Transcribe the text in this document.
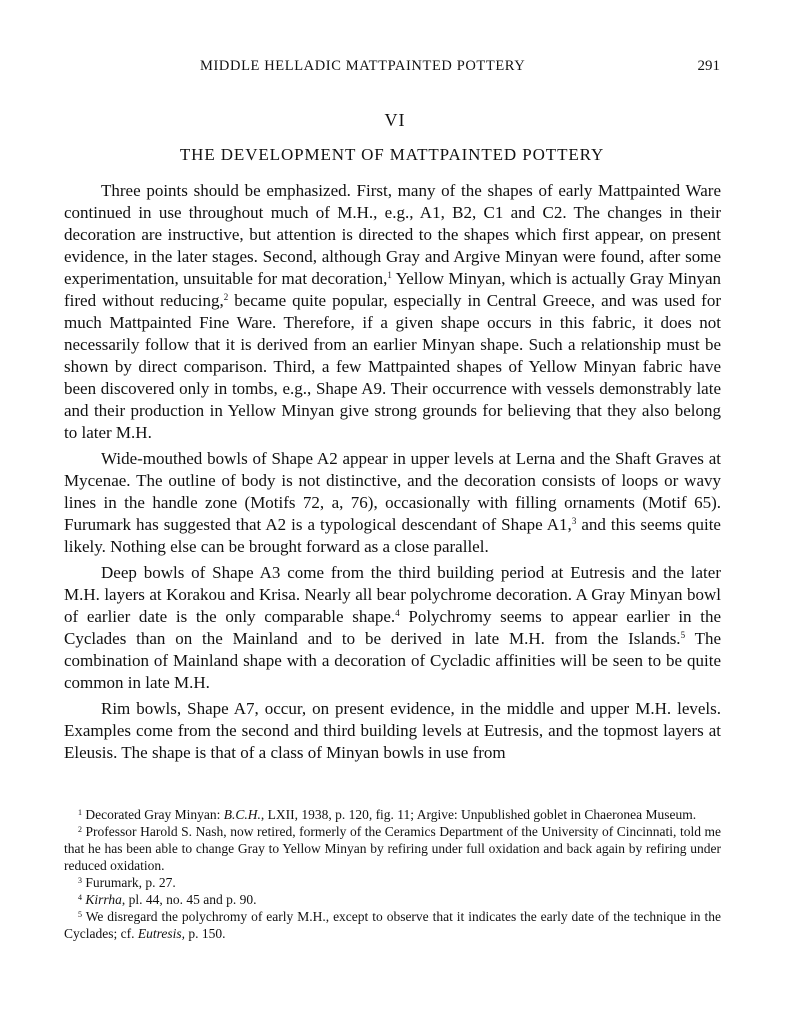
MIDDLE HELLADIC MATTPAINTED POTTERY	291
VI
THE DEVELOPMENT OF MATTPAINTED POTTERY

Three points should be emphasized. First, many of the shapes of early Mattpainted Ware continued in use throughout much of M.H., e.g., A1, B2, C1 and C2. The changes in their decoration are instructive, but attention is directed to the shapes which first appear, on present evidence, in the later stages. Second, although Gray and Argive Minyan were found, after some experimentation, unsuitable for mat decoration,$^1$ Yellow Minyan, which is actually Gray Minyan fired without reducing,$^2$ became quite popular, especially in Central Greece, and was used for much Mattpainted Fine Ware. Therefore, if a given shape occurs in this fabric, it does not necessarily follow that it is derived from an earlier Minyan shape. Such a relationship must be shown by direct comparison. Third, a few Mattpainted shapes of Yellow Minyan fabric have been discovered only in tombs, e.g., Shape A9. Their occurrence with vessels demonstrably late and their production in Yellow Minyan give strong grounds for believing that they also belong to later M.H.

Wide-mouthed bowls of Shape A2 appear in upper levels at Lerna and the Shaft Graves at Mycenae. The outline of body is not distinctive, and the decoration consists of loops or wavy lines in the handle zone (Motifs 72, a, 76), occasionally with filling ornaments (Motif 65). Furumark has suggested that A2 is a typological descendant of Shape A1,$^3$ and this seems quite likely. Nothing else can be brought forward as a close parallel.

Deep bowls of Shape A3 come from the third building period at Eutresis and the later M.H. layers at Korakou and Krisa. Nearly all bear polychrome decoration. A Gray Minyan bowl of earlier date is the only comparable shape.$^4$ Polychromy seems to appear earlier in the Cyclades than on the Mainland and to be derived in late M.H. from the Islands.$^5$ The combination of Mainland shape with a decoration of Cycladic affinities will be seen to be quite common in late M.H.

Rim bowls, Shape A7, occur, on present evidence, in the middle and upper M.H. levels. Examples come from the second and third building levels at Eutresis, and the topmost layers at Eleusis. The shape is that of a class of Minyan bowls in use from

$^1$ Decorated Gray Minyan: B.C.H., LXII, 1938, p. 120, fig. 11; Argive: Unpublished goblet in Chaeronea Museum.

$^2$ Professor Harold S. Nash, now retired, formerly of the Ceramics Department of the University of Cincinnati, told me that he has been able to change Gray to Yellow Minyan by refiring under full oxidation and back again by refiring under reduced oxidation.

$^3$ Furumark, p. 27.

$^4$ Kirrha, pl. 44, no. 45 and p. 90.

$^5$ We disregard the polychromy of early M.H., except to observe that it indicates the early date of the technique in the Cyclades; cf. Eutresis, p. 150.
